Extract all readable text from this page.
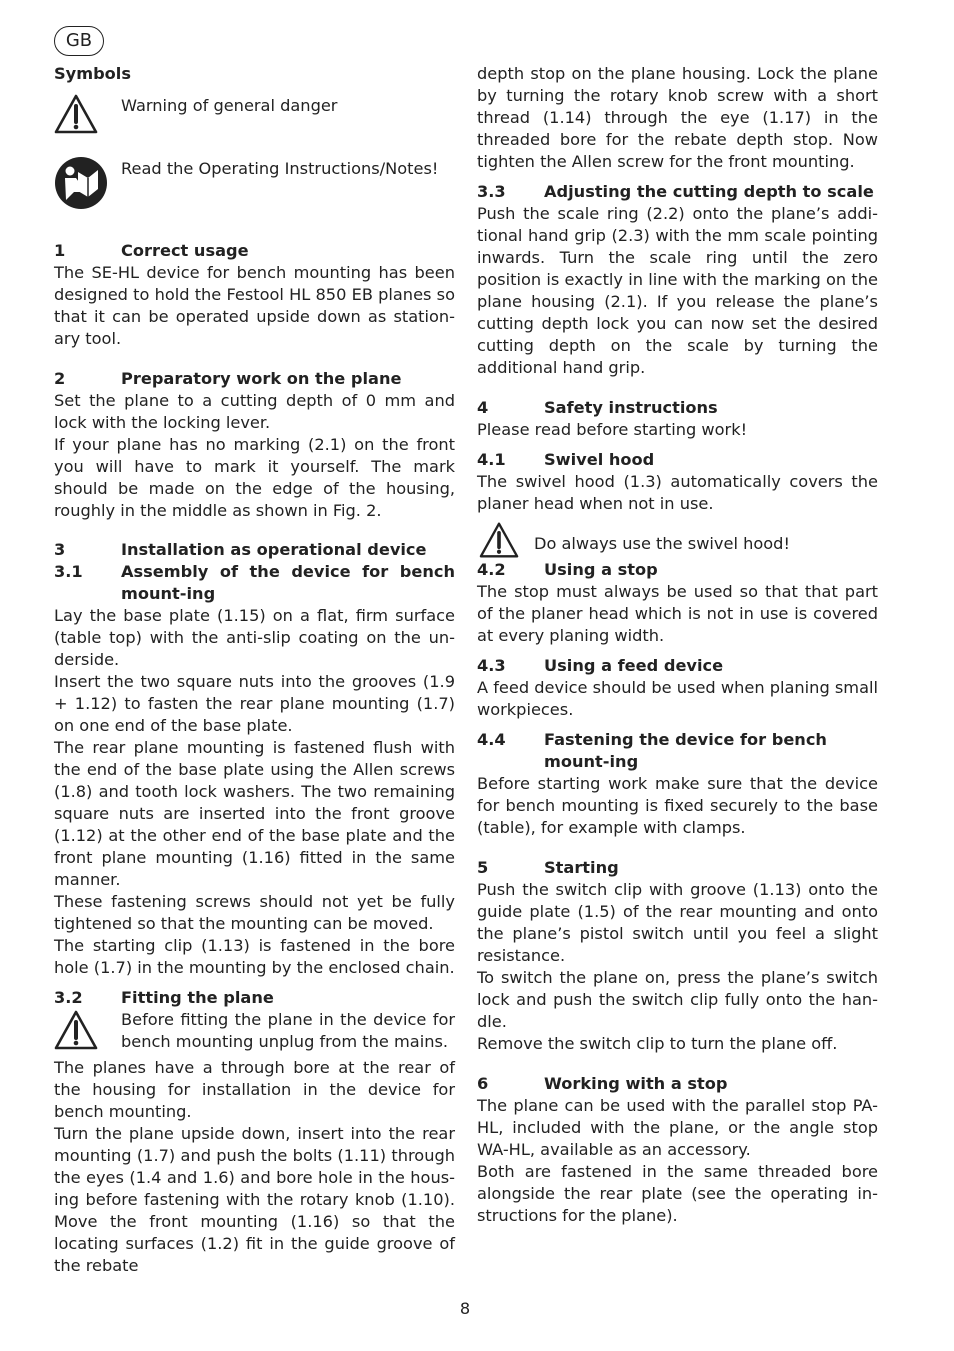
GB
Symbols
Warning of general danger
Read the Operating Instructions/Notes!
1	Correct usage

The SE-HL device for bench mounting has been designed to hold the Festool HL 850 EB planes so that it can be operated upside down as station-ary tool.

2	Preparatory work on the plane

Set the plane to a cutting depth of 0 mm and lock with the locking lever.

If your plane has no marking (2.1) on the front you will have to mark it yourself. The mark should be made on the edge of the housing, roughly in the middle as shown in Fig. 2.

3	Installation as operational device
3.1	Assembly of the device for bench mount-ing

Lay the base plate (1.15) on a flat, firm surface (table top) with the anti-slip coating on the un-derside.

Insert the two square nuts into the grooves (1.9 + 1.12) to fasten the rear plane mounting (1.7) on one end of the base plate.

The rear plane mounting is fastened flush with the end of the base plate using the Allen screws (1.8) and tooth lock washers. The two remaining square nuts are inserted into the front groove (1.12) at the other end of the base plate and the front plane mounting (1.16) fitted in the same manner.

These fastening screws should not yet be fully tightened so that the mounting can be moved.

The starting clip (1.13) is fastened in the bore hole (1.7) in the mounting by the enclosed chain.

3.2	Fitting the plane

Before fitting the plane in the device for bench mounting unplug from the mains.

The planes have a through bore at the rear of the housing for installation in the device for bench mounting.

Turn the plane upside down, insert into the rear mounting (1.7) and push the bolts (1.11) through the eyes (1.4 and 1.6) and bore hole in the hous-ing before fastening with the rotary knob (1.10). Move the front mounting (1.16) so that the locating surfaces (1.2) fit in the guide groove of the rebate

depth stop on the plane housing. Lock the plane by turning the rotary knob screw with a short thread (1.14) through the eye (1.17) in the threaded bore for the rebate depth stop. Now tighten the Allen screw for the front mounting.

3.3	Adjusting the cutting depth to scale

Push the scale ring (2.2) onto the plane’s addi-tional hand grip (2.3) with the mm scale pointing inwards. Turn the scale ring until the zero position is exactly in line with the marking on the plane housing (2.1). If you release the plane’s cutting depth lock you can now set the desired cutting depth on the scale by turning the additional hand grip.

4	Safety instructions

Please read before starting work!

4.1	Swivel hood

The swivel hood (1.3) automatically covers the planer head when not in use.

Do always use the swivel hood!
4.2	Using a stop

The stop must always be used so that that part of the planer head which is not in use is covered at every planing width.

4.3	Using a feed device

A feed device should be used when planing small workpieces.

4.4	Fastening the device for bench mount-ing

Before starting work make sure that the device for bench mounting is fixed securely to the base (table), for example with clamps.

5	Starting

Push the switch clip with groove (1.13) onto the guide plate (1.5) of the rear mounting and onto the plane’s pistol switch until you feel a slight resistance.

To switch the plane on, press the plane’s switch lock and push the switch clip fully onto the han-dle.

Remove the switch clip to turn the plane off.

6	Working with a stop

The plane can be used with the parallel stop PA-HL, included with the plane, or the angle stop WA-HL, available as an accessory.

Both are fastened in the same threaded bore alongside the rear plate (see the operating in-structions for the plane).

8
